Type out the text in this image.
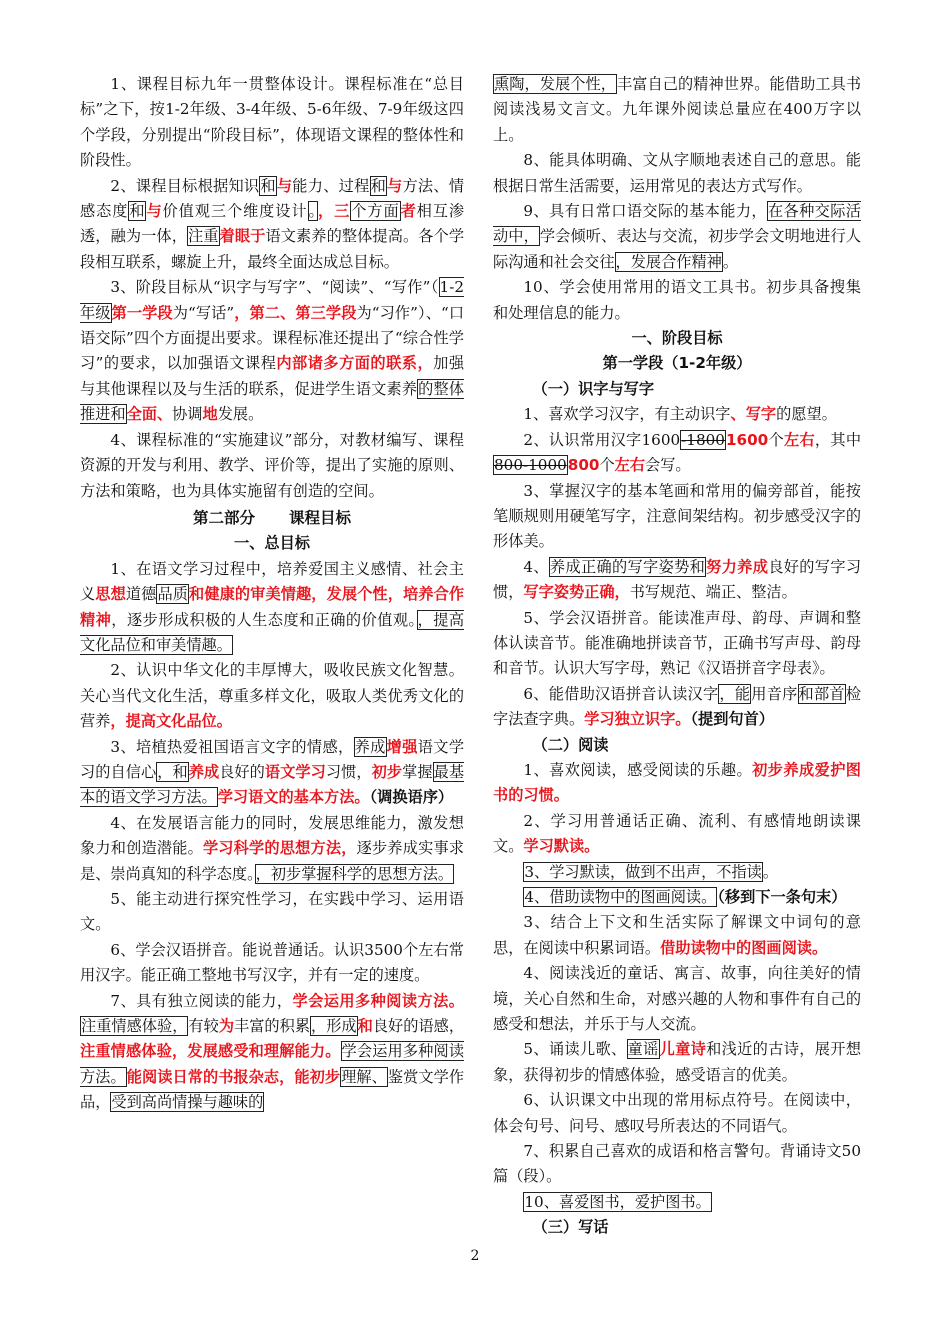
1、课程目标九年一贯整体设计。课程标准在“总目标”之下，按1-2年级、3-4年级、5-6年级、7-9年级这四个学段，分别提出“阶段目标”，体现语文课程的整体性和阶段性。

2、课程目标根据知识和与能力、过程和与方法、情感态度和与价值观三个维度设计。，三个方面者相互渗透，融为一体，注重着眼于语文素养的整体提高。各个学段相互联系，螺旋上升，最终全面达成总目标。

3、阶段目标从“识字与写字”、“阅读”、“写作”（1-2年级第一学段为“写话”，第二、第三学段为“习作”）、“口语交际”四个方面提出要求。课程标准还提出了“综合性学习”的要求，以加强语文课程内部诸多方面的联系，加强与其他课程以及与生活的联系，促进学生语文素养的整体推进和全面、协调地发展。

4、课程标准的“实施建议”部分，对教材编写、课程资源的开发与利用、教学、评价等，提出了实施的原则、方法和策略，也为具体实施留有创造的空间。

第二部分 课程目标

一、总目标

1、在语文学习过程中，培养爱国主义感情、社会主义思想道德品质和健康的审美情趣，发展个性，培养合作精神，逐步形成积极的人生态度和正确的价值观。，提高文化品位和审美情趣。

2、认识中华文化的丰厚博大，吸收民族文化智慧。关心当代文化生活，尊重多样文化，吸取人类优秀文化的营养，提高文化品位。

3、培植热爱祖国语言文字的情感，养成增强语文学习的自信心，和养成良好的语文学习习惯，初步掌握最基本的语文学习方法。学习语文的基本方法。（调换语序）

4、在发展语言能力的同时，发展思维能力，激发想象力和创造潜能。学习科学的思想方法，逐步养成实事求是、崇尚真知的科学态度。，初步掌握科学的思想方法。

5、能主动进行探究性学习，在实践中学习、运用语文。

6、学会汉语拼音。能说普通话。认识3500个左右常用汉字。能正确工整地书写汉字，并有一定的速度。

7、具有独立阅读的能力，学会运用多种阅读方法。注重情感体验，有较为丰富的积累，形成和良好的语感，注重情感体验，发展感受和理解能力。学会运用多种阅读方法。能阅读日常的书报杂志，能初步理解、鉴赏文学作品，受到高尚情操与趣味的

熏陶，发展个性，丰富自己的精神世界。能借助工具书阅读浅易文言文。九年课外阅读总量应在400万字以上。

8、能具体明确、文从字顺地表述自己的意思。能根据日常生活需要，运用常见的表达方式写作。

9、具有日常口语交际的基本能力，在各种交际活动中，学会倾听、表达与交流，初步学会文明地进行人际沟通和社会交往，发展合作精神。

10、学会使用常用的语文工具书。初步具备搜集和处理信息的能力。

一、阶段目标

第一学段（1-2年级）

（一）识字与写字

1、喜欢学习汉字，有主动识字、写字的愿望。

2、认识常用汉字1600-18001600个左右，其中800-1000800个左右会写。

3、掌握汉字的基本笔画和常用的偏旁部首，能按笔顺规则用硬笔写字，注意间架结构。初步感受汉字的形体美。

4、养成正确的写字姿势和努力养成良好的写字习惯，写字姿势正确，书写规范、端正、整洁。

5、学会汉语拼音。能读准声母、韵母、声调和整体认读音节。能准确地拼读音节，正确书写声母、韵母和音节。认识大写字母，熟记《汉语拼音字母表》。

6、能借助汉语拼音认读汉字，能用音序和部首检字法查字典。学习独立识字。（提到句首）

（二）阅读

1、喜欢阅读，感受阅读的乐趣。初步养成爱护图书的习惯。

2、学习用普通话正确、流利、有感情地朗读课文。学习默读。

3、学习默读，做到不出声，不指读。

4、借助读物中的图画阅读。（移到下一条句末）

3、结合上下文和生活实际了解课文中词句的意思，在阅读中积累词语。借助读物中的图画阅读。

4、阅读浅近的童话、寓言、故事，向往美好的情境，关心自然和生命，对感兴趣的人物和事件有自己的感受和想法，并乐于与人交流。

5、诵读儿歌、童谣儿童诗和浅近的古诗，展开想象，获得初步的情感体验，感受语言的优美。

6、认识课文中出现的常用标点符号。在阅读中，体会句号、问号、感叹号所表达的不同语气。

7、积累自己喜欢的成语和格言警句。背诵诗文50篇（段）。

10、喜爱图书，爱护图书。

（三）写话

2
